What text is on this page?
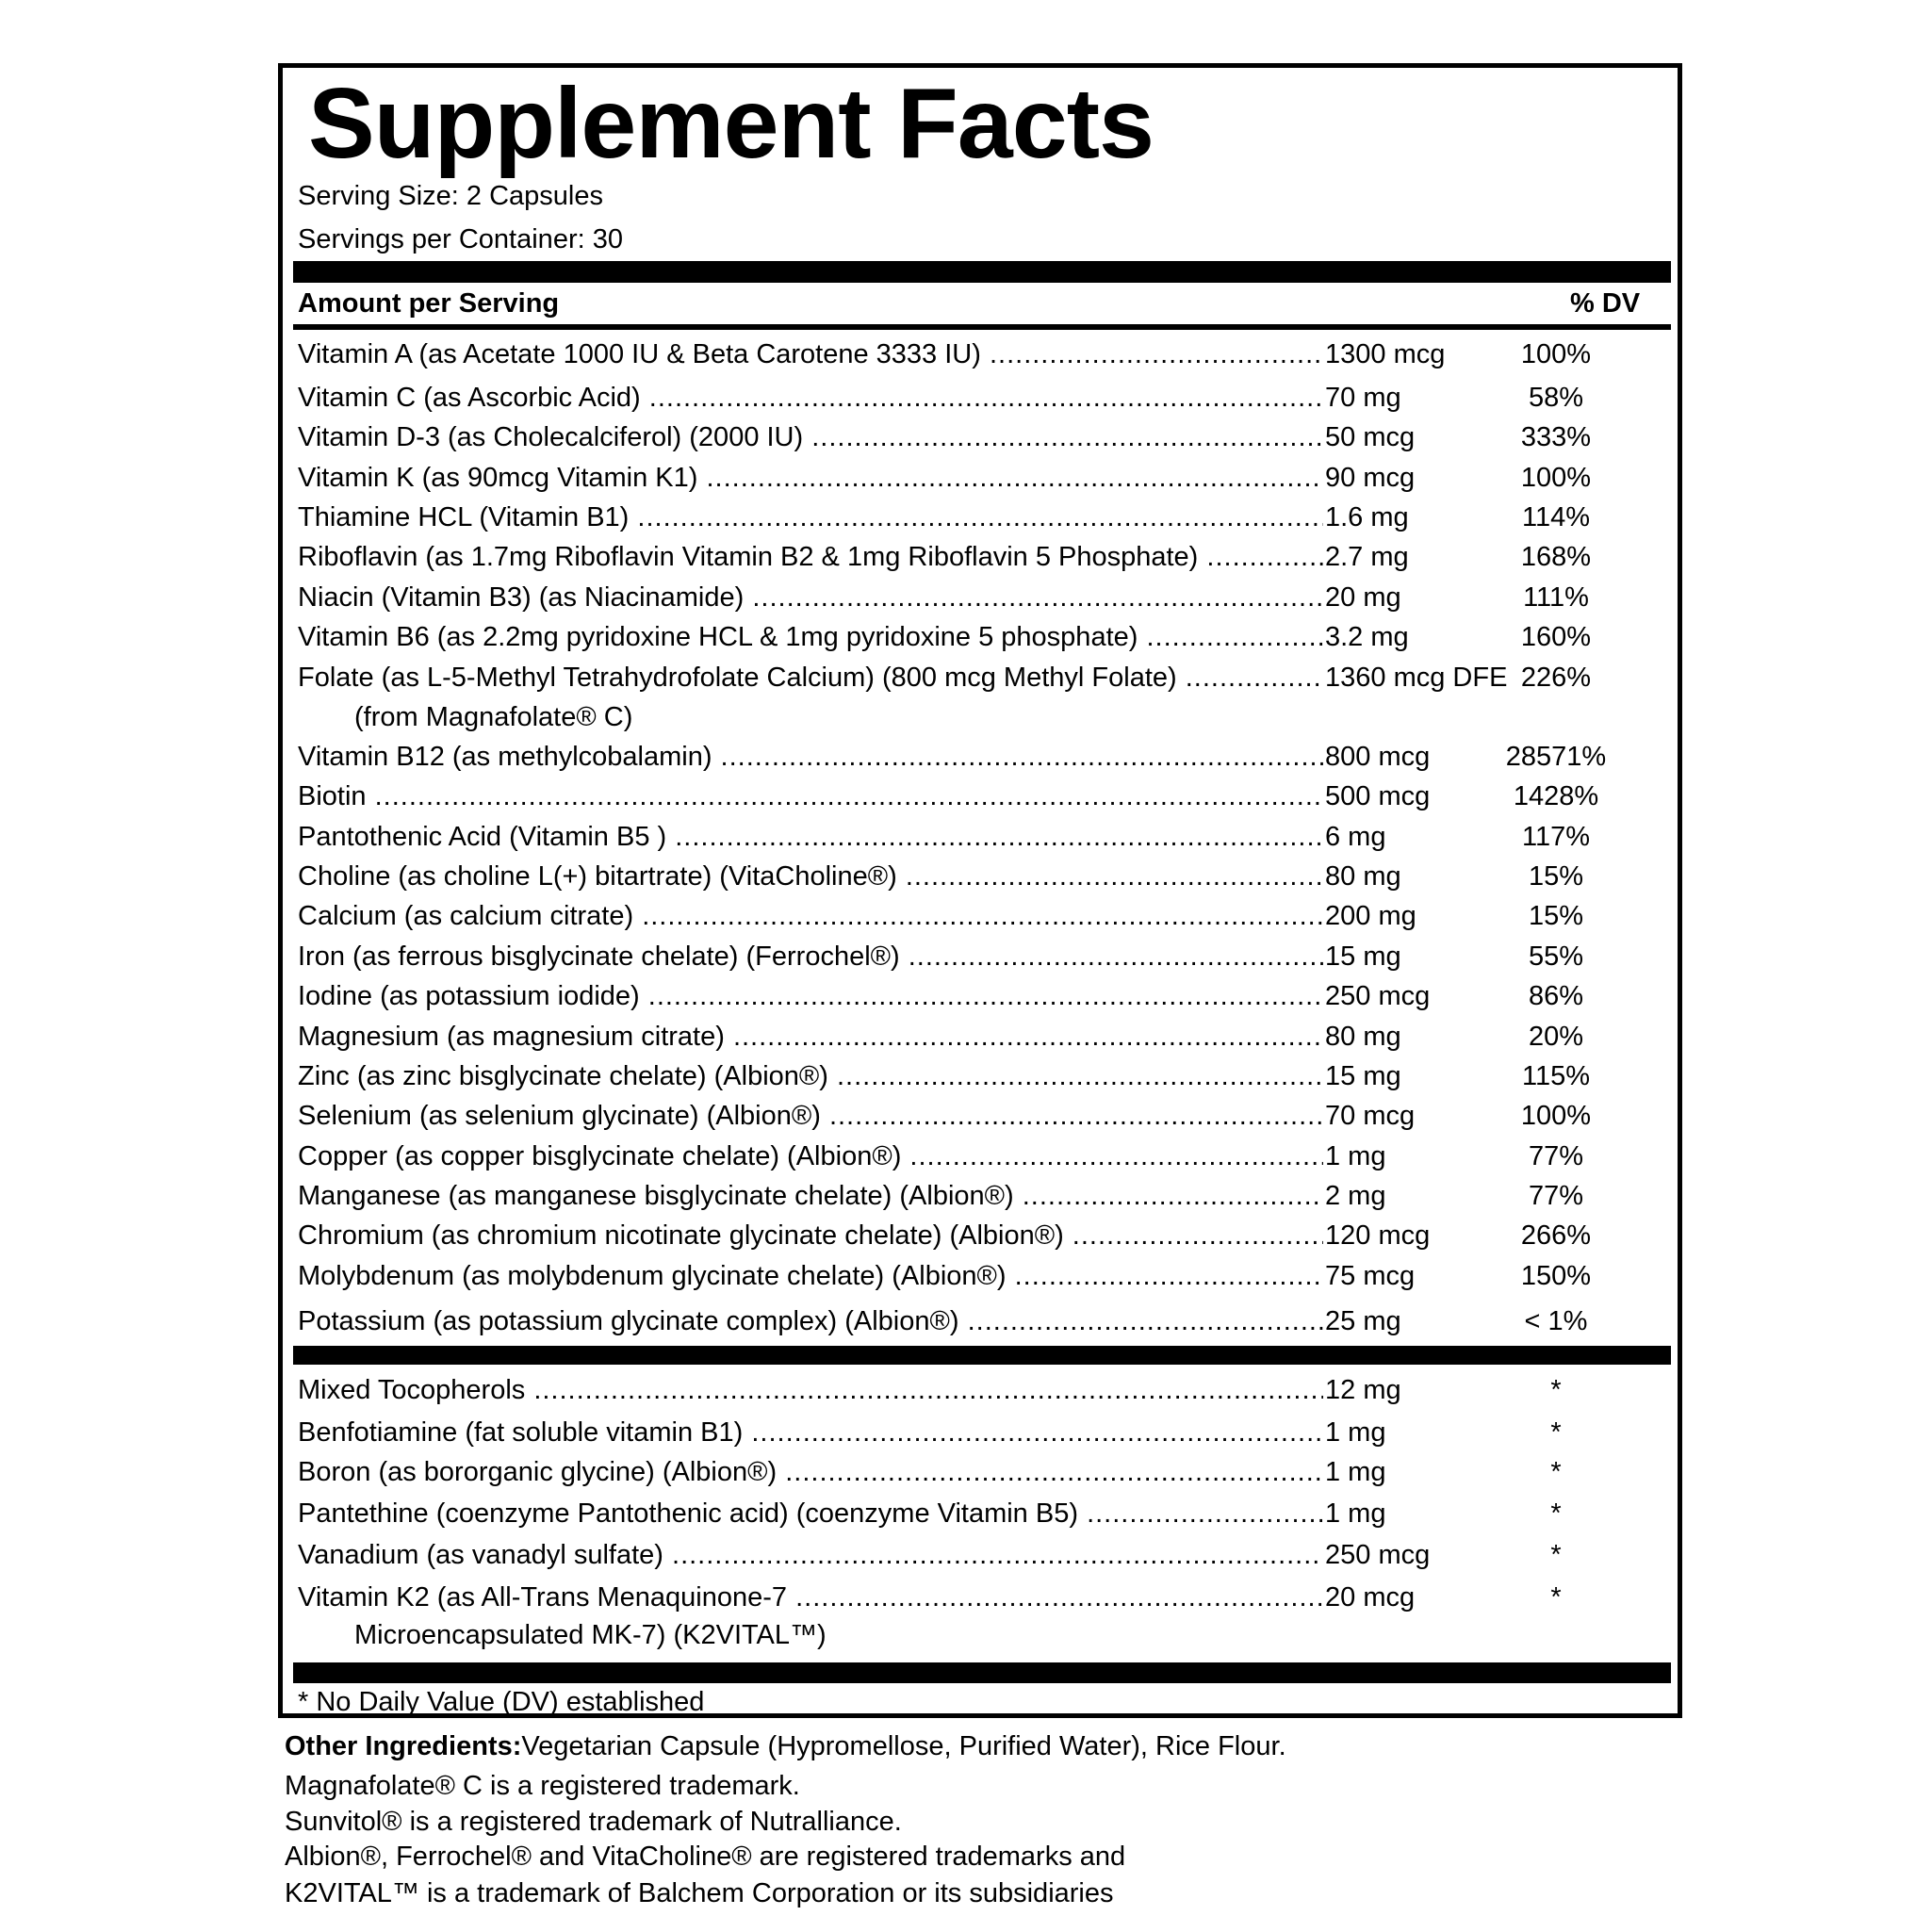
Supplement Facts
Serving Size: 2 Capsules
Servings per Container: 30
Amount per Serving	% DV
Vitamin A (as Acetate 1000 IU & Beta Carotene 3333 IU) .....	1300 mcg	100%
Vitamin C (as Ascorbic Acid) .....	70 mg	58%
Vitamin D-3 (as Cholecalciferol) (2000 IU) .....	50 mcg	333%
Vitamin K (as 90mcg Vitamin K1) .....	90 mcg	100%
Thiamine HCL (Vitamin B1) .....	1.6 mg	114%
Riboflavin (as 1.7mg Riboflavin Vitamin B2 & 1mg Riboflavin 5 Phosphate) .....	2.7 mg	168%
Niacin (Vitamin B3) (as Niacinamide) .....	20 mg	111%
Vitamin B6 (as 2.2mg pyridoxine HCL & 1mg pyridoxine 5 phosphate) .....	3.2 mg	160%
Folate (as L-5-Methyl Tetrahydrofolate Calcium) (800 mcg Methyl Folate) .....	1360 mcg DFE 226%
(from Magnafolate® C)
Vitamin B12 (as methylcobalamin) .....	800 mcg	28571%
Biotin .....	500 mcg	1428%
Pantothenic Acid (Vitamin B5 ) .....	6 mg	117%
Choline (as choline L(+) bitartrate) (VitaCholine®) .....	80 mg	15%
Calcium (as calcium citrate) .....	200 mg	15%
Iron (as ferrous bisglycinate chelate) (Ferrochel®) .....	15 mg	55%
Iodine (as potassium iodide) .....	250 mcg	86%
Magnesium (as magnesium citrate) .....	80 mg	20%
Zinc (as zinc bisglycinate chelate) (Albion®) .....	15 mg	115%
Selenium (as selenium glycinate) (Albion®) .....	70 mcg	100%
Copper (as copper bisglycinate chelate) (Albion®) .....	1 mg	77%
Manganese (as manganese bisglycinate chelate) (Albion®) .....	2 mg	77%
Chromium (as chromium nicotinate glycinate chelate) (Albion®) .....	120 mcg	266%
Molybdenum (as molybdenum glycinate chelate) (Albion®) .....	75 mcg	150%
Potassium (as potassium glycinate complex) (Albion®) .....	25 mg	< 1%
Mixed Tocopherols .....	12 mg	*
Benfotiamine (fat soluble vitamin B1) .....	1 mg	*
Boron (as bororganic glycine) (Albion®) .....	1 mg	*
Pantethine (coenzyme Pantothenic acid) (coenzyme Vitamin B5) .....	1 mg	*
Vanadium (as vanadyl sulfate) .....	250 mcg	*
Vitamin K2 (as All-Trans Menaquinone-7 .....	20 mcg	*
Microencapsulated MK-7) (K2VITAL™)
* No Daily Value (DV) established
Other Ingredients:Vegetarian Capsule (Hypromellose, Purified Water), Rice Flour.
Magnafolate® C is a registered trademark.
Sunvitol® is a registered trademark of Nutralliance.
Albion®, Ferrochel® and VitaCholine® are registered trademarks and
K2VITAL™ is a trademark of Balchem Corporation or its subsidiaries
